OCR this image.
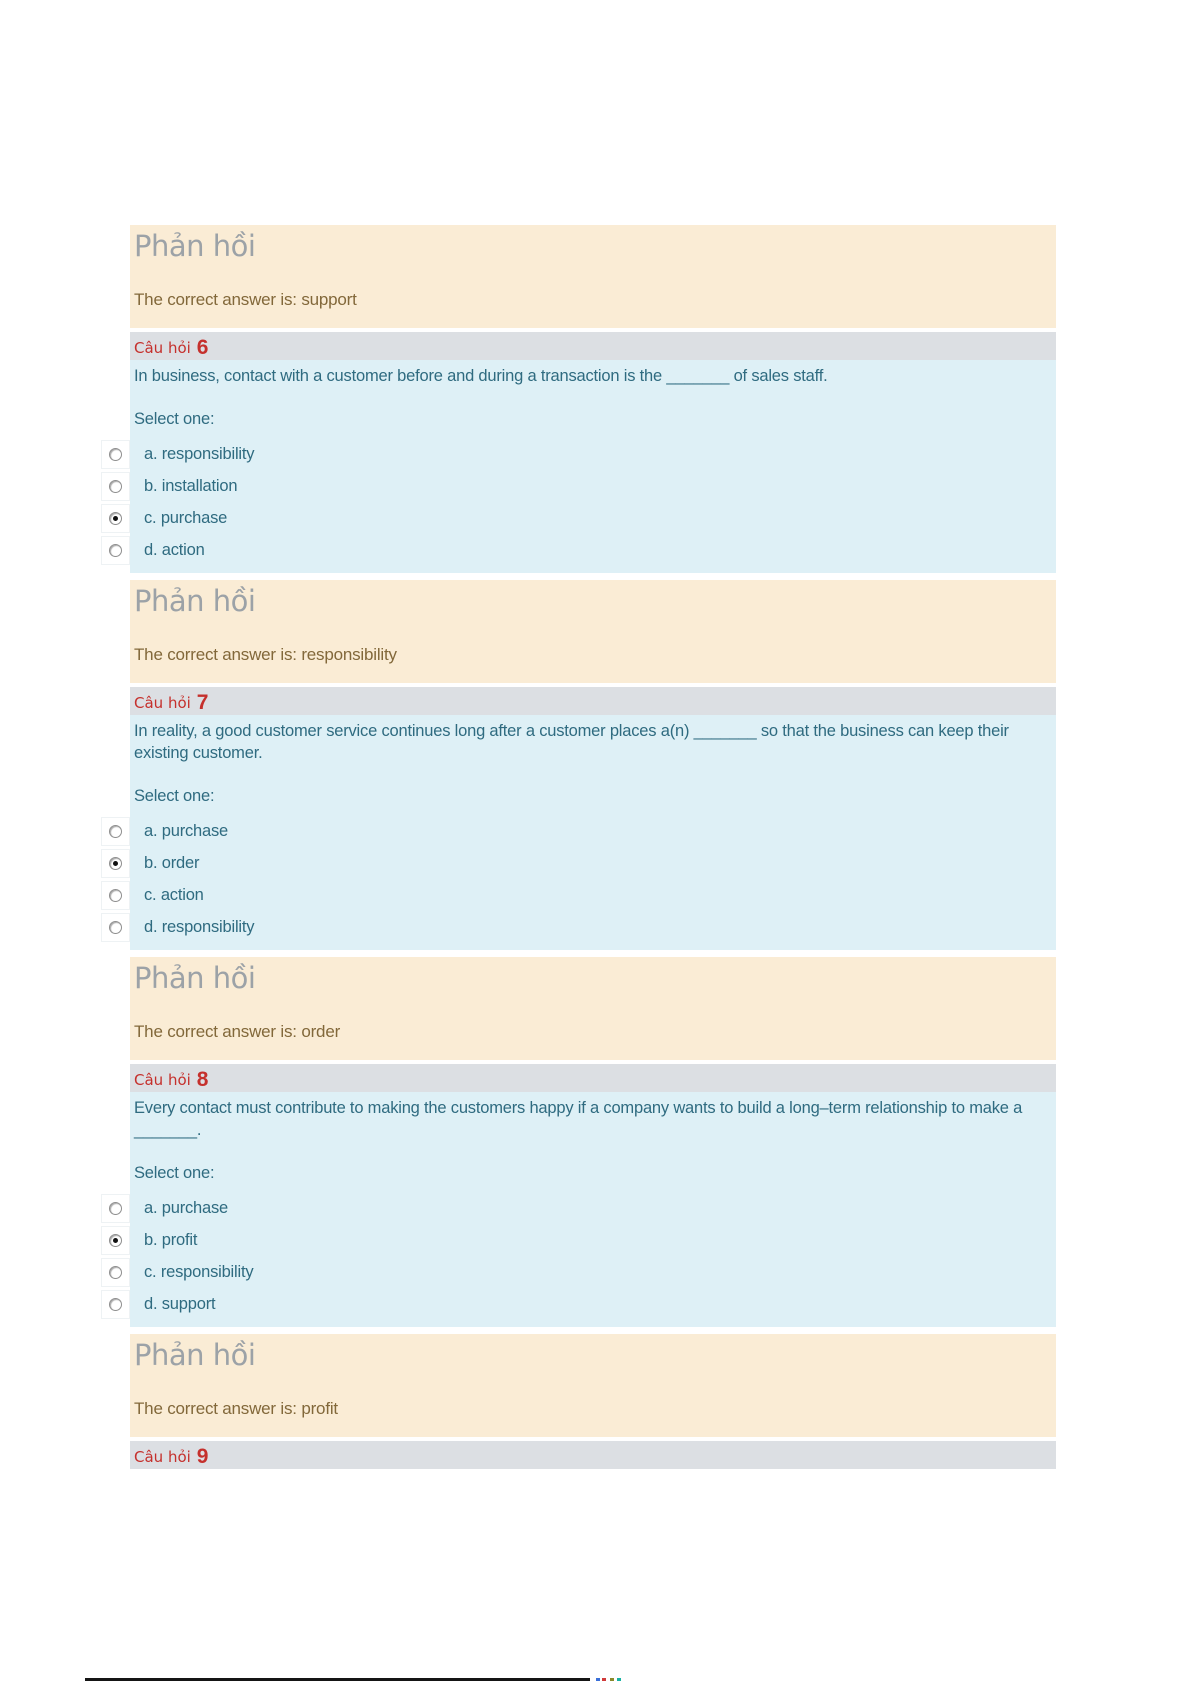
Phản hồi

The correct answer is: support

Câu hỏi 6

In business, contact with a customer before and during a transaction is the _______ of sales staff.

Select one:

a. responsibility
b. installation
c. purchase
d. action
Phản hồi

The correct answer is: responsibility

Câu hỏi 7

In reality, a good customer service continues long after a customer places a(n) _______ so that the business can keep their existing customer.

Select one:

a. purchase
b. order
c. action
d. responsibility
Phản hồi

The correct answer is: order

Câu hỏi 8

Every contact must contribute to making the customers happy if a company wants to build a long–term relationship to make a _______.

Select one:

a. purchase
b. profit
c. responsibility
d. support
Phản hồi

The correct answer is: profit

Câu hỏi 9
